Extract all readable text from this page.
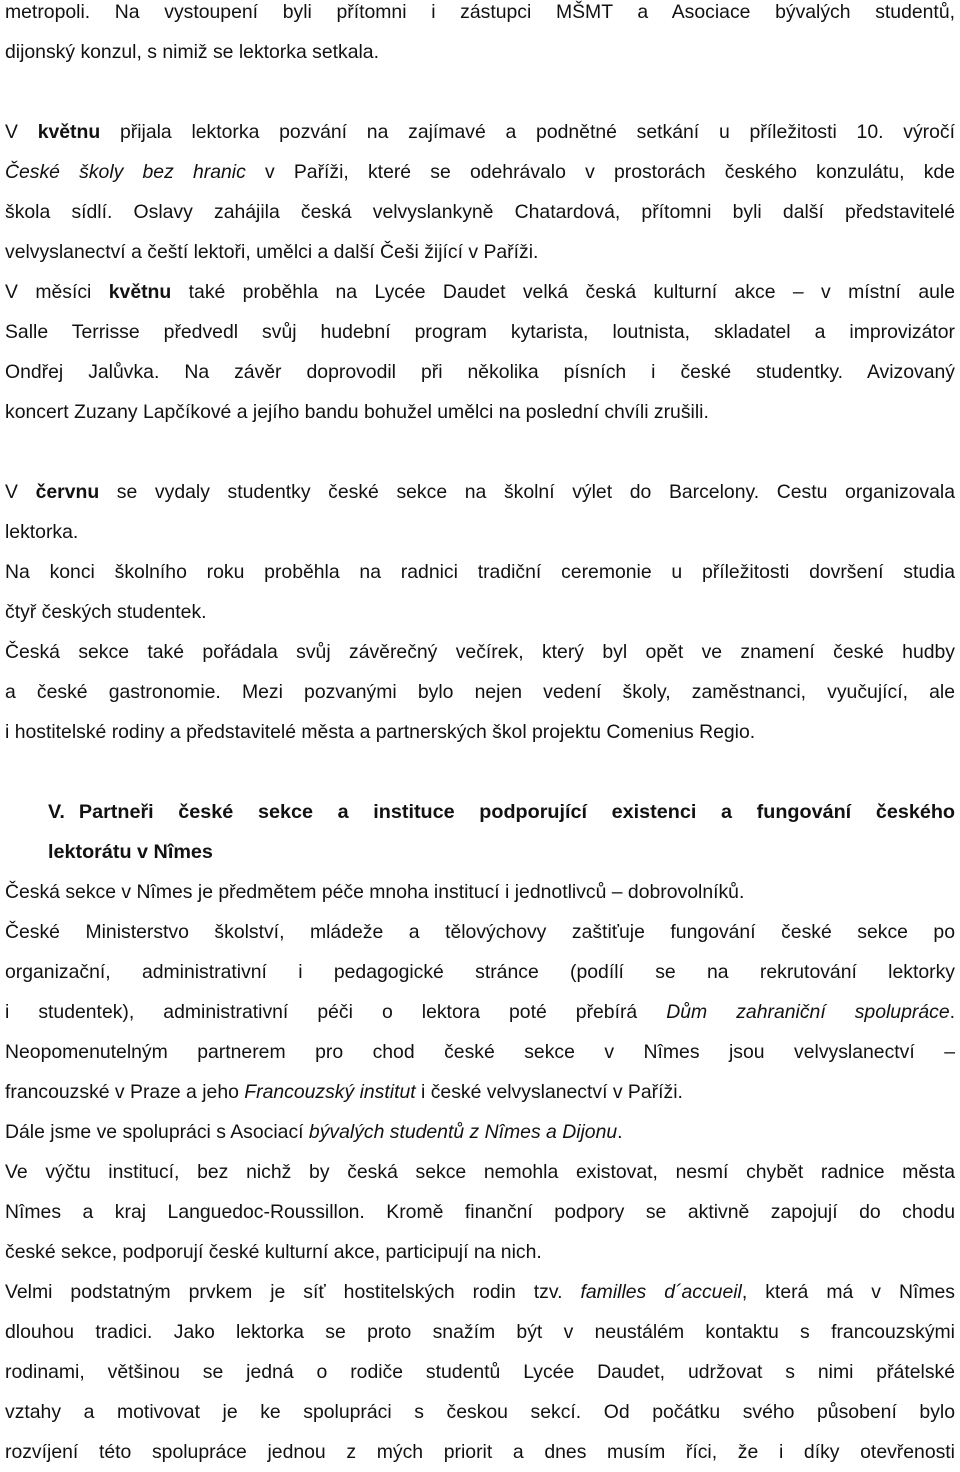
metropoli. Na vystoupení byli přítomni i zástupci MŠMT a Asociace bývalých studentů,
dijonský konzul, s nimiž se lektorka setkala.

V květnu přijala lektorka pozvání na zajímavé a podnětné setkání u příležitosti 10. výročí
České školy bez hranic v Paříži, které se odehrávalo v prostorách českého konzulátu, kde
škola sídlí. Oslavy zahájila česká velvyslankyně Chatardová, přítomni byli další představitelé
velvyslanectví a čeští lektoři, umělci a další Češi žijící v Paříži.

V měsíci květnu také proběhla na Lycée Daudet velká česká kulturní akce – v místní aule
Salle Terrisse předvedl svůj hudební program kytarista, loutnista, skladatel a improvizátor
Ondřej Jalůvka. Na závěr doprovodil při několika písních i české studentky. Avizovaný
koncert Zuzany Lapčíkové a jejího bandu bohužel umělci na poslední chvíli zrušili.

V červnu se vydaly studentky české sekce na školní výlet do Barcelony. Cestu organizovala
lektorka.

Na konci školního roku proběhla na radnici tradiční ceremonie u příležitosti dovršení studia
čtyř českých studentek.

Česká sekce také pořádala svůj závěrečný večírek, který byl opět ve znamení české hudby
a české gastronomie. Mezi pozvanými bylo nejen vedení školy, zaměstnanci, vyučující, ale
i hostitelské rodiny a představitelé města a partnerských škol projektu Comenius Regio.

V. Partneři české sekce a instituce podporující existenci a fungování českého
lektorátu v Nîmes

Česká sekce v Nîmes je předmětem péče mnoha institucí i jednotlivců – dobrovolníků.

České Ministerstvo školství, mládeže a tělovýchovy zaštiťuje fungování české sekce po
organizační, administrativní i pedagogické stránce (podílí se na rekrutování lektorky
i studentek), administrativní péči o lektora poté přebírá Dům zahraniční spolupráce.
Neopomenutelným partnerem pro chod české sekce v Nîmes jsou velvyslanectví –
francouzské v Praze a jeho Francouzský institut i české velvyslanectví v Paříži.

Dále jsme ve spolupráci s Asociací bývalých studentů z Nîmes a Dijonu.

Ve výčtu institucí, bez nichž by česká sekce nemohla existovat, nesmí chybět radnice města
Nîmes a kraj Languedoc-Roussillon. Kromě finanční podpory se aktivně zapojují do chodu
české sekce, podporují české kulturní akce, participují na nich.

Velmi podstatným prvkem je síť hostitelských rodin tzv. familles d´accueil, která má v Nîmes
dlouhou tradici. Jako lektorka se proto snažím být v neustálém kontaktu s francouzskými
rodinami, většinou se jedná o rodiče studentů Lycée Daudet, udržovat s nimi přátelské
vztahy a motivovat je ke spolupráci s českou sekcí. Od počátku svého působení bylo
rozvíjení této spolupráce jednou z mých priorit a dnes musím říci, že i díky otevřenosti
